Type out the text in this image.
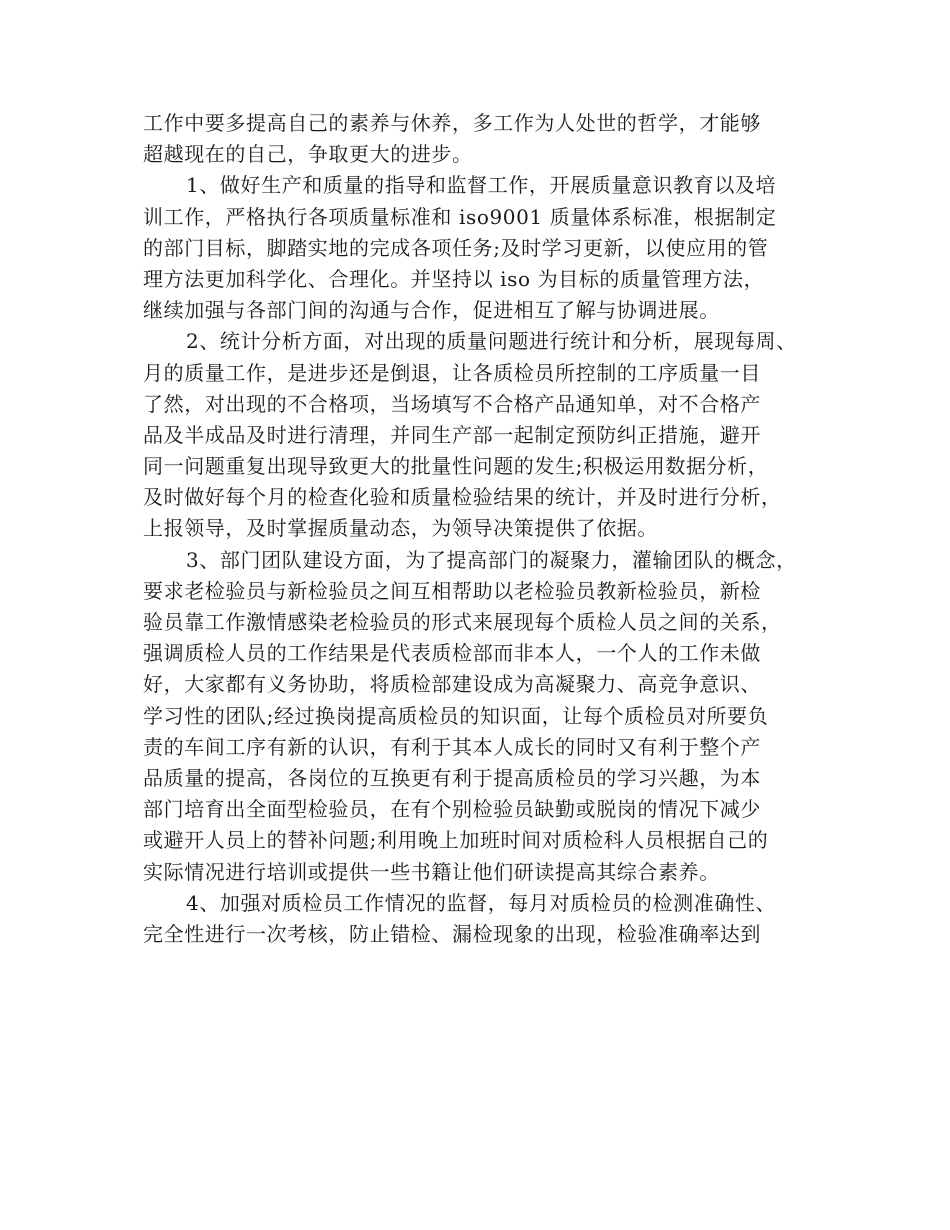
工作中要多提高自己的素养与休养，多工作为人处世的哲学，才能够
超越现在的自己，争取更大的进步。
1、做好生产和质量的指导和监督工作，开展质量意识教育以及培
训工作，严格执行各项质量标准和 iso9001 质量体系标准，根据制定
的部门目标，脚踏实地的完成各项任务;及时学习更新，以使应用的管
理方法更加科学化、合理化。并坚持以 iso 为目标的质量管理方法，
继续加强与各部门间的沟通与合作，促进相互了解与协调进展。
2、统计分析方面，对出现的质量问题进行统计和分析，展现每周、
月的质量工作，是进步还是倒退，让各质检员所控制的工序质量一目
了然，对出现的不合格项，当场填写不合格产品通知单，对不合格产
品及半成品及时进行清理，并同生产部一起制定预防纠正措施，避开
同一问题重复出现导致更大的批量性问题的发生;积极运用数据分析，
及时做好每个月的检查化验和质量检验结果的统计，并及时进行分析，
上报领导，及时掌握质量动态，为领导决策提供了依据。
3、部门团队建设方面，为了提高部门的凝聚力，灌输团队的概念，
要求老检验员与新检验员之间互相帮助以老检验员教新检验员，新检
验员靠工作激情感染老检验员的形式来展现每个质检人员之间的关系，
强调质检人员的工作结果是代表质检部而非本人，一个人的工作未做
好，大家都有义务协助，将质检部建设成为高凝聚力、高竞争意识、
学习性的团队;经过换岗提高质检员的知识面，让每个质检员对所要负
责的车间工序有新的认识，有利于其本人成长的同时又有利于整个产
品质量的提高，各岗位的互换更有利于提高质检员的学习兴趣，为本
部门培育出全面型检验员，在有个别检验员缺勤或脱岗的情况下减少
或避开人员上的替补问题;利用晚上加班时间对质检科人员根据自己的
实际情况进行培训或提供一些书籍让他们研读提高其综合素养。
4、加强对质检员工作情况的监督，每月对质检员的检测准确性、
完全性进行一次考核，防止错检、漏检现象的出现，检验准确率达到
